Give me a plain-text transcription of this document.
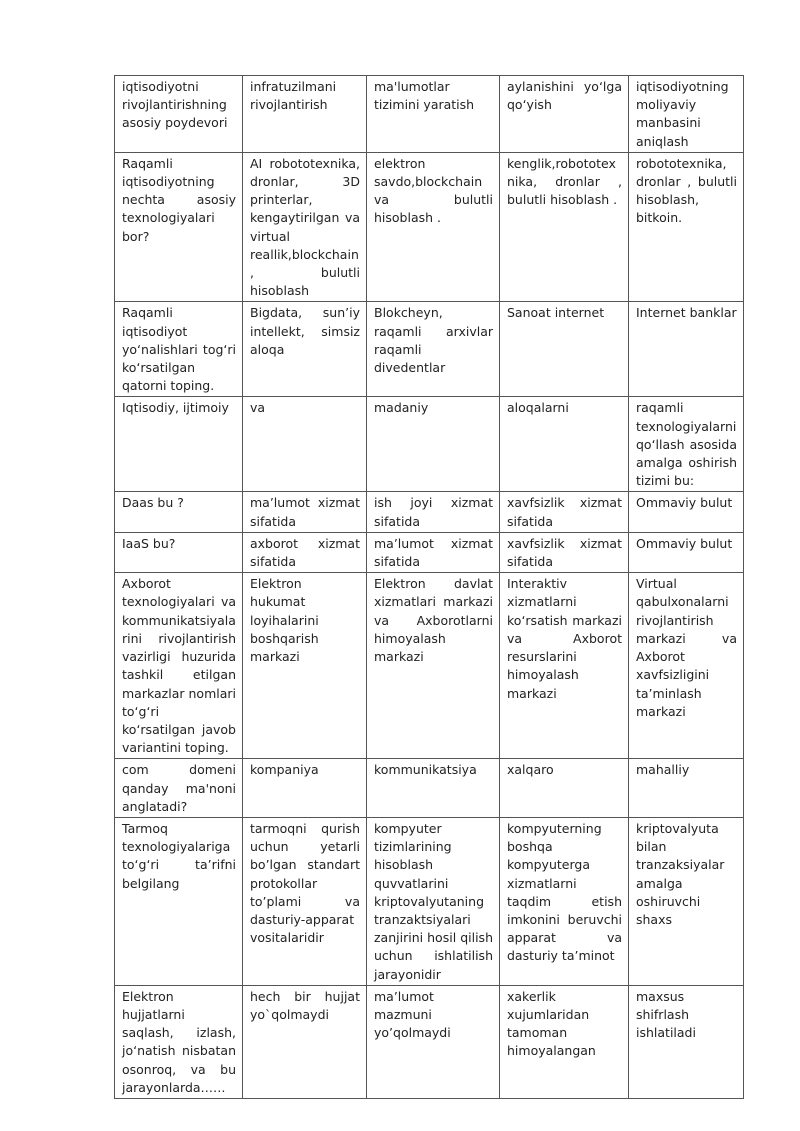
iqtisodiyotni rivojlantirishning asosiy poydevori	infratuzilmani rivojlantirish	ma'lumotlar tizimini yaratish	aylanishini yo‘lga qo‘yish	iqtisodiyotning moliyaviy manbasini aniqlash

Raqamli iqtisodiyotning nechta asosiy texnologiyalari bor?	AI robototexnika, dronlar, 3D printerlar, kengaytirilgan va virtual reallik,blockchain, bulutli hisoblash	elektron savdo,blockchain va bulutli hisoblash .	kenglik,robototexnika, dronlar , bulutli hisoblash .	robototexnika, dronlar , bulutli hisoblash, bitkoin.

Raqamli iqtisodiyot yo‘nalishlari tog‘ri ko‘rsatilgan qatorni toping.	Bigdata, sun’iy intellekt, simsiz aloqa	Blokcheyn, raqamli arxivlar raqamli divedentlar	Sanoat internet	Internet banklar

Iqtisodiy, ijtimoiy	va	madaniy	aloqalarni	raqamli texnologiyalarni qo‘llash asosida amalga oshirish tizimi bu:

Daas bu ?	ma’lumot xizmat sifatida	ish joyi xizmat sifatida	xavfsizlik xizmat sifatida	Ommaviy bulut

IaaS bu?	axborot xizmat sifatida	ma’lumot xizmat sifatida	xavfsizlik xizmat sifatida	Ommaviy bulut

Axborot texnologiyalari va kommunikatsiyalarini rivojlantirish vazirligi huzurida tashkil etilgan markazlar nomlari to‘g‘ri ko‘rsatilgan javob variantini toping.	Elektron hukumat loyihalarini boshqarish markazi	Elektron davlat xizmatlari markazi va Axborotlarni himoyalash markazi	Interaktiv xizmatlarni ko‘rsatish markazi va Axborot resurslarini himoyalash markazi	Virtual qabulxonalarni rivojlantirish markazi va Axborot xavfsizligini ta’minlash markazi

com domeni qanday ma'noni anglatadi?	kompaniya	kommunikatsiya	xalqaro	mahalliy

Tarmoq texnologiyalariga to‘g‘ri ta’rifni belgilang	tarmoqni qurish uchun yetarli bo’lgan standart protokollar to’plami va dasturiy-apparat vositalaridir	kompyuter tizimlarining hisoblash quvvatlarini kriptovalyutaning tranzaktsiyalari zanjirini hosil qilish uchun ishlatilish jarayonidir	kompyuterning boshqa kompyuterga xizmatlarni taqdim etish imkonini beruvchi apparat va dasturiy ta’minot	kriptovalyuta bilan tranzaksiyalar amalga oshiruvchi shaxs

Elektron hujjatlarni saqlash, izlash, jo‘natish nisbatan osonroq, va bu jarayonlarda……	hech bir hujjat yo`qolmaydi	ma’lumot mazmuni yo’qolmaydi	xakerlik xujumlaridan tamoman himoyalangan	maxsus shifrlash ishlatiladi
